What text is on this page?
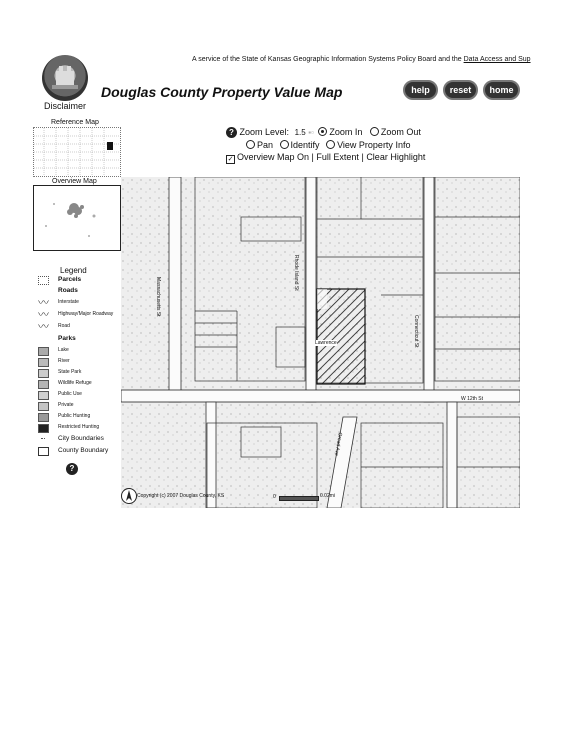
A service of the State of Kansas Geographic Information Systems Policy Board and the Data Access and Sup
Disclaimer
Douglas County Property Value Map	help	reset	home
Reference Map
Overview Map
? Zoom Level: 1.5 ▪▫ Zoom In Zoom Out
Pan Identify View Property Info
✓ Overview Map On | Full Extent | Clear Highlight
Massachusetts St
Rhode Island St
Connecticut St
W 12th St
Oread Ave
Lawrence
Copyright (c) 2007 Douglas County, KS	0	0.02mi
Legend
Parcels
Roads
〰 Interstate
〰 Highway/Major Roadway
〰 Road
Parks
Lake
River
State Park
Wildlife Refuge
Public Use
Private
Public Hunting
Restricted Hunting
City Boundaries
County Boundary
?
